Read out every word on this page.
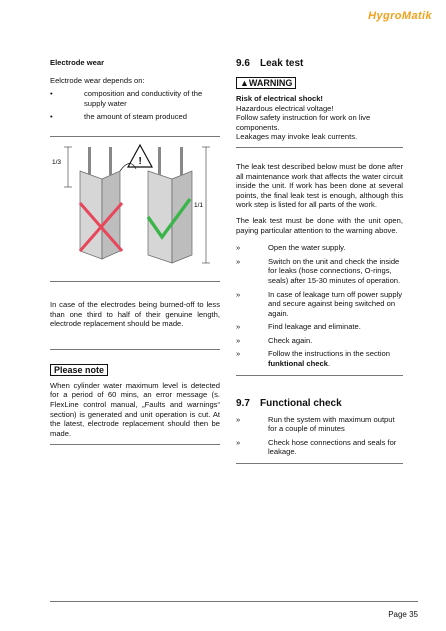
HygroMatik
Electrode wear
Eelctrode wear depends on:
•	composition and conductivity of the supply water
•	the amount of steam produced
1/3	!
1/1
In case of the electrodes being burned-off to less than one third to half of their genuine length, electrode replacement should be made.
Please note
When cylinder water maximum level is detected for a period of 60 mins, an error message (s. FlexLine control manual, „Faults and warnings“ section) is generated and unit operation is cut. At the latest, electrode replacement should then be made.
9.6	Leak test
▲WARNING
Risk of electrical shock!
Hazardous electrical voltage!
Follow safety instruction for work on live components.
Leakages may invoke leak currents.
The leak test described below must be done after all maintenance work that affects the water circuit inside the unit. If work has been done at several points, the final leak test is enough, although this work step is listed for all parts of the work.
The leak test must be done with the unit open, paying particular attention to the warning above.
»	Open the water supply.
»	Switch on the unit and check the inside for leaks (hose connections, O-rings, seals) after 15-30 minutes of operation.
»	In case of leakage turn off power supply and secure against being switched on again.
»	Find leakage and eliminate.
»	Check again.
»	Follow the instructions in the section
funktional check.
9.7	Functional check
»	Run the system with maximum output for a couple of minutes
»	Check hose connections and seals for leakage.
Page 35
